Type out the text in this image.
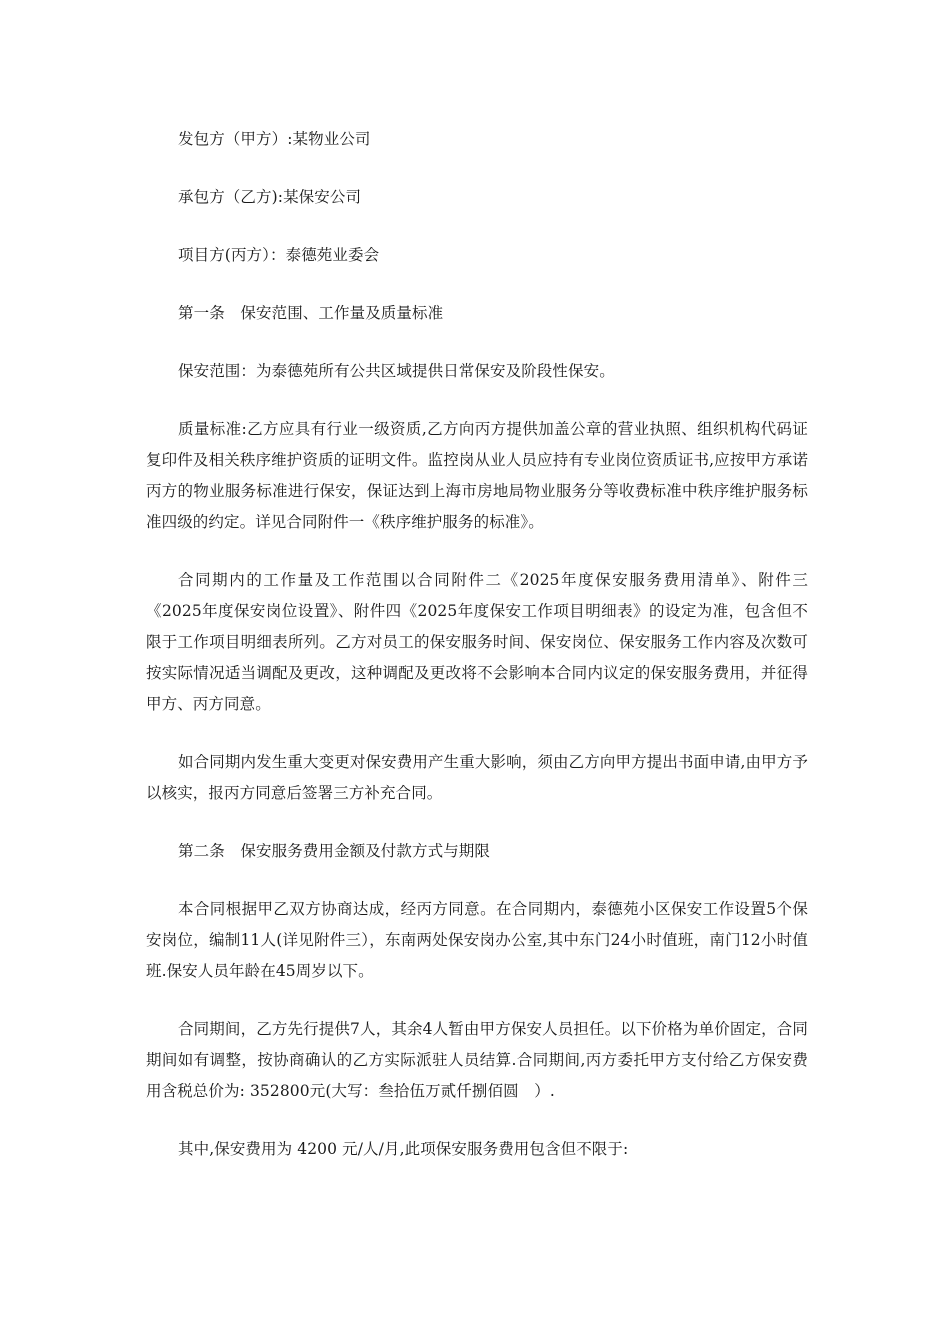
发包方（甲方）:某物业公司

承包方（乙方):某保安公司

项目方(丙方）：泰德苑业委会

第一条　保安范围、工作量及质量标准

保安范围：为泰德苑所有公共区域提供日常保安及阶段性保安。

质量标准:乙方应具有行业一级资质,乙方向丙方提供加盖公章的营业执照、组织机构代码证复印件及相关秩序维护资质的证明文件。监控岗从业人员应持有专业岗位资质证书,应按甲方承诺丙方的物业服务标准进行保安，保证达到上海市房地局物业服务分等收费标准中秩序维护服务标准四级的约定。详见合同附件一《秩序维护服务的标准》。

合同期内的工作量及工作范围以合同附件二《2025年度保安服务费用清单》、附件三《2025年度保安岗位设置》、附件四《2025年度保安工作项目明细表》的设定为准，包含但不限于工作项目明细表所列。乙方对员工的保安服务时间、保安岗位、保安服务工作内容及次数可按实际情况适当调配及更改，这种调配及更改将不会影响本合同内议定的保安服务费用，并征得甲方、丙方同意。

如合同期内发生重大变更对保安费用产生重大影响，须由乙方向甲方提出书面申请,由甲方予以核实，报丙方同意后签署三方补充合同。

第二条　保安服务费用金额及付款方式与期限

本合同根据甲乙双方协商达成，经丙方同意。在合同期内，泰德苑小区保安工作设置5个保安岗位，编制11人(详见附件三），东南两处保安岗办公室,其中东门24小时值班，南门12小时值班.保安人员年龄在45周岁以下。

合同期间，乙方先行提供7人，其余4人暂由甲方保安人员担任。以下价格为单价固定，合同期间如有调整，按协商确认的乙方实际派驻人员结算.合同期间,丙方委托甲方支付给乙方保安费用含税总价为: 352800元(大写：叁拾伍万贰仟捌佰圆　）.

其中,保安费用为 4200 元/人/月,此项保安服务费用包含但不限于:
